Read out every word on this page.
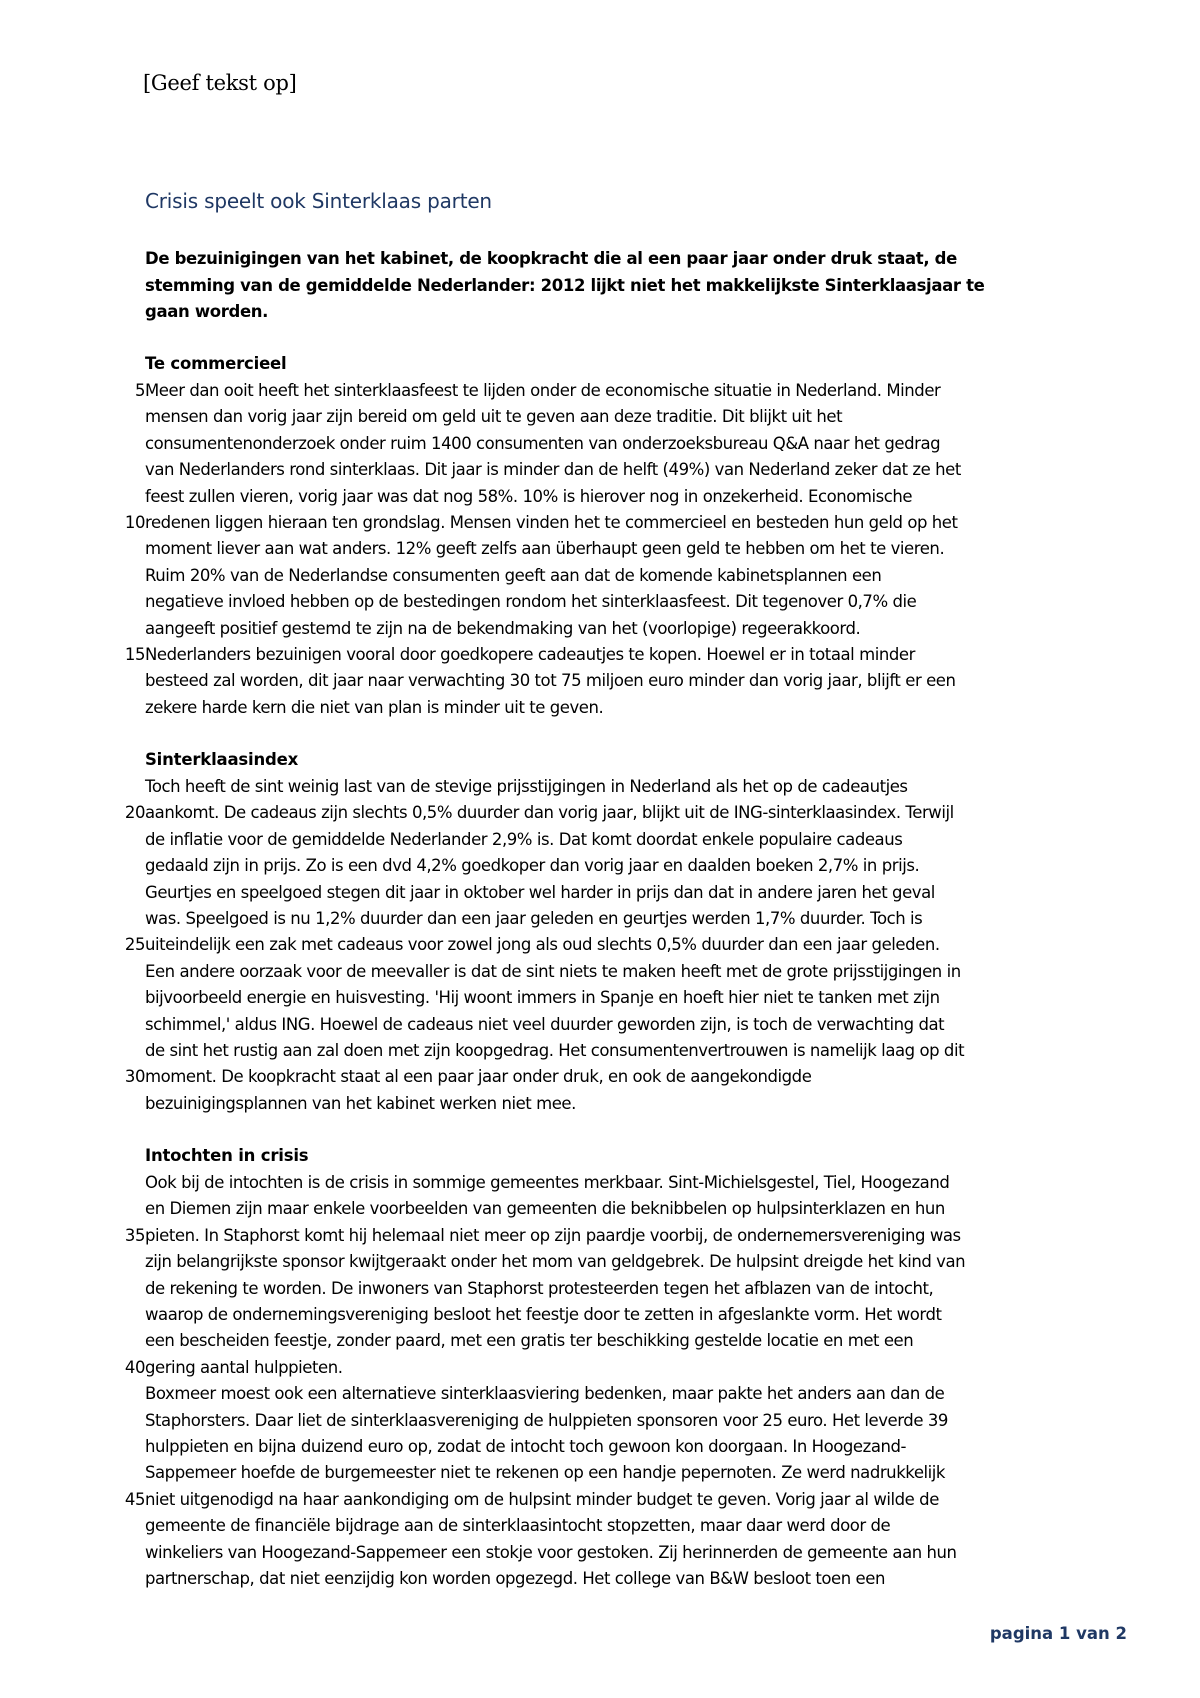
[Geef tekst op]
Crisis speelt ook Sinterklaas parten
De bezuinigingen van het kabinet, de koopkracht die al een paar jaar onder druk staat, de
stemming van de gemiddelde Nederlander: 2012 lijkt niet het makkelijkste Sinterklaasjaar te
gaan worden.
Te commercieel
Meer dan ooit heeft het sinterklaasfeest te lijden onder de economische situatie in Nederland. Minder
mensen dan vorig jaar zijn bereid om geld uit te geven aan deze traditie. Dit blijkt uit het
consumentenonderzoek onder ruim 1400 consumenten van onderzoeksbureau Q&A naar het gedrag
van Nederlanders rond sinterklaas. Dit jaar is minder dan de helft (49%) van Nederland zeker dat ze het
feest zullen vieren, vorig jaar was dat nog 58%. 10% is hierover nog in onzekerheid. Economische
redenen liggen hieraan ten grondslag. Mensen vinden het te commercieel en besteden hun geld op het
moment liever aan wat anders. 12% geeft zelfs aan überhaupt geen geld te hebben om het te vieren.
Ruim 20% van de Nederlandse consumenten geeft aan dat de komende kabinetsplannen een
negatieve invloed hebben op de bestedingen rondom het sinterklaasfeest. Dit tegenover 0,7% die
aangeeft positief gestemd te zijn na de bekendmaking van het (voorlopige) regeerakkoord.
Nederlanders bezuinigen vooral door goedkopere cadeautjes te kopen. Hoewel er in totaal minder
besteed zal worden, dit jaar naar verwachting 30 tot 75 miljoen euro minder dan vorig jaar, blijft er een
zekere harde kern die niet van plan is minder uit te geven.
Sinterklaasindex
Toch heeft de sint weinig last van de stevige prijsstijgingen in Nederland als het op de cadeautjes
aankomt. De cadeaus zijn slechts 0,5% duurder dan vorig jaar, blijkt uit de ING-sinterklaasindex. Terwijl
de inflatie voor de gemiddelde Nederlander 2,9% is. Dat komt doordat enkele populaire cadeaus
gedaald zijn in prijs. Zo is een dvd 4,2% goedkoper dan vorig jaar en daalden boeken 2,7% in prijs.
Geurtjes en speelgoed stegen dit jaar in oktober wel harder in prijs dan dat in andere jaren het geval
was. Speelgoed is nu 1,2% duurder dan een jaar geleden en geurtjes werden 1,7% duurder. Toch is
uiteindelijk een zak met cadeaus voor zowel jong als oud slechts 0,5% duurder dan een jaar geleden.
Een andere oorzaak voor de meevaller is dat de sint niets te maken heeft met de grote prijsstijgingen in
bijvoorbeeld energie en huisvesting. 'Hij woont immers in Spanje en hoeft hier niet te tanken met zijn
schimmel,' aldus ING. Hoewel de cadeaus niet veel duurder geworden zijn, is toch de verwachting dat
de sint het rustig aan zal doen met zijn koopgedrag. Het consumentenvertrouwen is namelijk laag op dit
moment. De koopkracht staat al een paar jaar onder druk, en ook de aangekondigde
bezuinigingsplannen van het kabinet werken niet mee.
Intochten in crisis
Ook bij de intochten is de crisis in sommige gemeentes merkbaar. Sint-Michielsgestel, Tiel, Hoogezand
en Diemen zijn maar enkele voorbeelden van gemeenten die beknibbelen op hulpsinterklazen en hun
pieten. In Staphorst komt hij helemaal niet meer op zijn paardje voorbij, de ondernemersvereniging was
zijn belangrijkste sponsor kwijtgeraakt onder het mom van geldgebrek. De hulpsint dreigde het kind van
de rekening te worden. De inwoners van Staphorst protesteerden tegen het afblazen van de intocht,
waarop de ondernemingsvereniging besloot het feestje door te zetten in afgeslankte vorm. Het wordt
een bescheiden feestje, zonder paard, met een gratis ter beschikking gestelde locatie en met een
gering aantal hulppieten.
Boxmeer moest ook een alternatieve sinterklaasviering bedenken, maar pakte het anders aan dan de
Staphorsters. Daar liet de sinterklaasvereniging de hulppieten sponsoren voor 25 euro. Het leverde 39
hulppieten en bijna duizend euro op, zodat de intocht toch gewoon kon doorgaan. In Hoogezand-
Sappemeer hoefde de burgemeester niet te rekenen op een handje pepernoten. Ze werd nadrukkelijk
niet uitgenodigd na haar aankondiging om de hulpsint minder budget te geven. Vorig jaar al wilde de
gemeente de financiële bijdrage aan de sinterklaasintocht stopzetten, maar daar werd door de
winkeliers van Hoogezand-Sappemeer een stokje voor gestoken. Zij herinnerden de gemeente aan hun
partnerschap, dat niet eenzijdig kon worden opgezegd. Het college van B&W besloot toen een
5
10
15
20
25
30
35
40
45
pagina 1 van 2
